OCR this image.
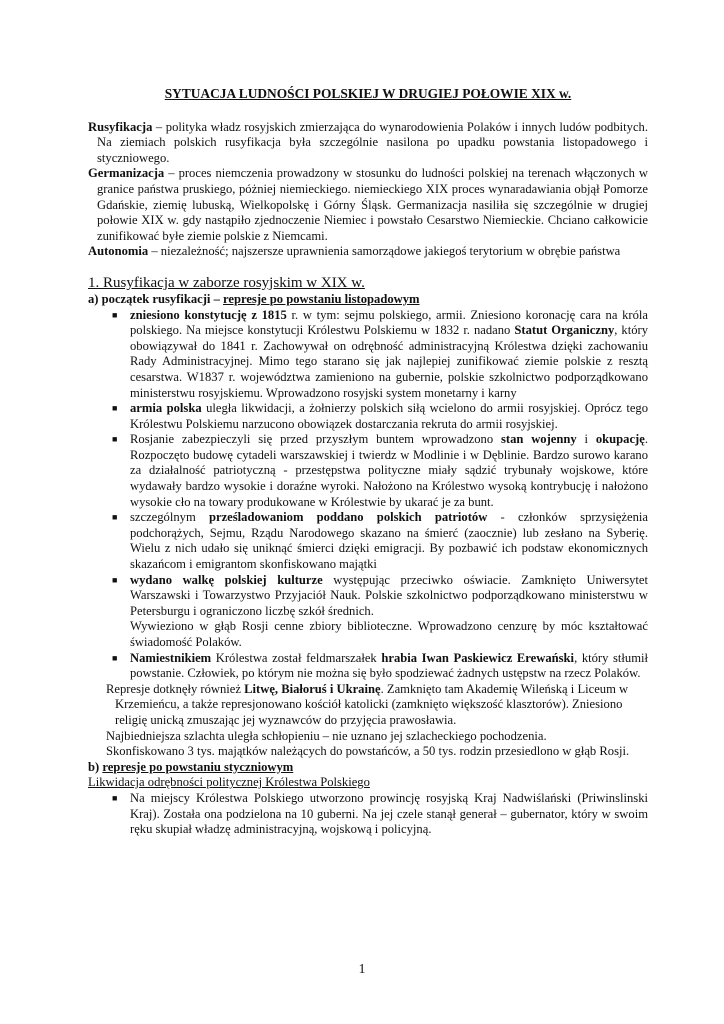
SYTUACJA LUDNOŚCI POLSKIEJ W DRUGIEJ POŁOWIE XIX w.

Rusyfikacja – polityka władz rosyjskich zmierzająca do wynarodowienia Polaków i innych ludów podbitych. Na ziemiach polskich rusyfikacja była szczególnie nasilona po upadku powstania listopadowego i styczniowego.

Germanizacja – proces niemczenia prowadzony w stosunku do ludności polskiej na terenach włączonych w granice państwa pruskiego, póżniej niemieckiego. niemieckiego XIX proces wynaradawiania objął Pomorze Gdańskie, ziemię lubuską, Wielkopolskę i Górny Śląsk. Germanizacja nasiliła się szczególnie w drugiej połowie XIX w. gdy nastąpiło zjednoczenie Niemiec i powstało Cesarstwo Niemieckie. Chciano całkowicie zunifikować byłe ziemie polskie z Niemcami.

Autonomia – niezależność; najszersze uprawnienia samorządowe jakiegoś terytorium w obrębie państwa

1. Rusyfikacja w zaborze rosyjskim w XIX w.

a) początek rusyfikacji – represje po powstaniu listopadowym

■ zniesiono konstytucję z 1815 r. w tym: sejmu polskiego, armii. Zniesiono koronację cara na króla polskiego. Na miejsce konstytucji Królestwu Polskiemu w 1832 r. nadano Statut Organiczny, który obowiązywał do 1841 r. Zachowywał on odrębność administracyjną Królestwa dzięki zachowaniu Rady Administracyjnej. Mimo tego starano się jak najlepiej zunifikować ziemie polskie z resztą cesarstwa. W1837 r. województwa zamieniono na gubernie, polskie szkolnictwo podporządkowano ministerstwu rosyjskiemu. Wprowadzono rosyjski system monetarny i karny
■ armia polska uległa likwidacji, a żołnierzy polskich siłą wcielono do armii rosyjskiej. Oprócz tego Królestwu Polskiemu narzucono obowiązek dostarczania rekruta do armii rosyjskiej.
■ Rosjanie zabezpieczyli się przed przyszłym buntem wprowadzono stan wojenny i okupację. Rozpoczęto budowę cytadeli warszawskiej i twierdz w Modlinie i w Dęblinie. Bardzo surowo karano za działalność patriotyczną - przestępstwa polityczne miały sądzić trybunały wojskowe, które wydawały bardzo wysokie i doraźne wyroki. Nałożono na Królestwo wysoką kontrybucję i nałożono wysokie cło na towary produkowane w Królestwie by ukarać je za bunt.
■ szczególnym prześladowaniom poddano polskich patriotów - członków sprzysiężenia podchorążych, Sejmu, Rządu Narodowego skazano na śmierć (zaocznie) lub zesłano na Syberię. Wielu z nich udało się uniknąć śmierci dzięki emigracji. By pozbawić ich podstaw ekonomicznych skazańcom i emigrantom skonfiskowano majątki
■ wydano walkę polskiej kulturze występując przeciwko oświacie. Zamknięto Uniwersytet Warszawski i Towarzystwo Przyjaciół Nauk. Polskie szkolnictwo podporządkowano ministerstwu w Petersburgu i ograniczono liczbę szkół średnich.

Wywieziono w głąb Rosji cenne zbiory biblioteczne. Wprowadzono cenzurę by móc kształtować świadomość Polaków.

■ Namiestnikiem Królestwa został feldmarszałek hrabia Iwan Paskiewicz Erewański, który stłumił powstanie. Człowiek, po którym nie można się było spodziewać żadnych ustępstw na rzecz Polaków.

Represje dotknęły również Litwę, Białoruś i Ukrainę. Zamknięto tam Akademię Wileńską i Liceum w Krzemieńcu, a także represjonowano kościół katolicki (zamknięto większość klasztorów). Zniesiono religię unicką zmuszając jej wyznawców do przyjęcia prawosławia.

Najbiedniejsza szlachta uległa schłopieniu – nie uznano jej szlacheckiego pochodzenia.

Skonfiskowano 3 tys. majątków należących do powstańców, a 50 tys. rodzin przesiedlono w głąb Rosji.

b) represje po powstaniu styczniowym

Likwidacja odrębności politycznej Królestwa Polskiego

■ Na miejscy Królestwa Polskiego utworzono prowincję rosyjską Kraj Nadwiślański (Priwinslinski Kraj). Została ona podzielona na 10 guberni. Na jej czele stanął generał – gubernator, który w swoim ręku skupiał władzę administracyjną, wojskową i policyjną.
1
